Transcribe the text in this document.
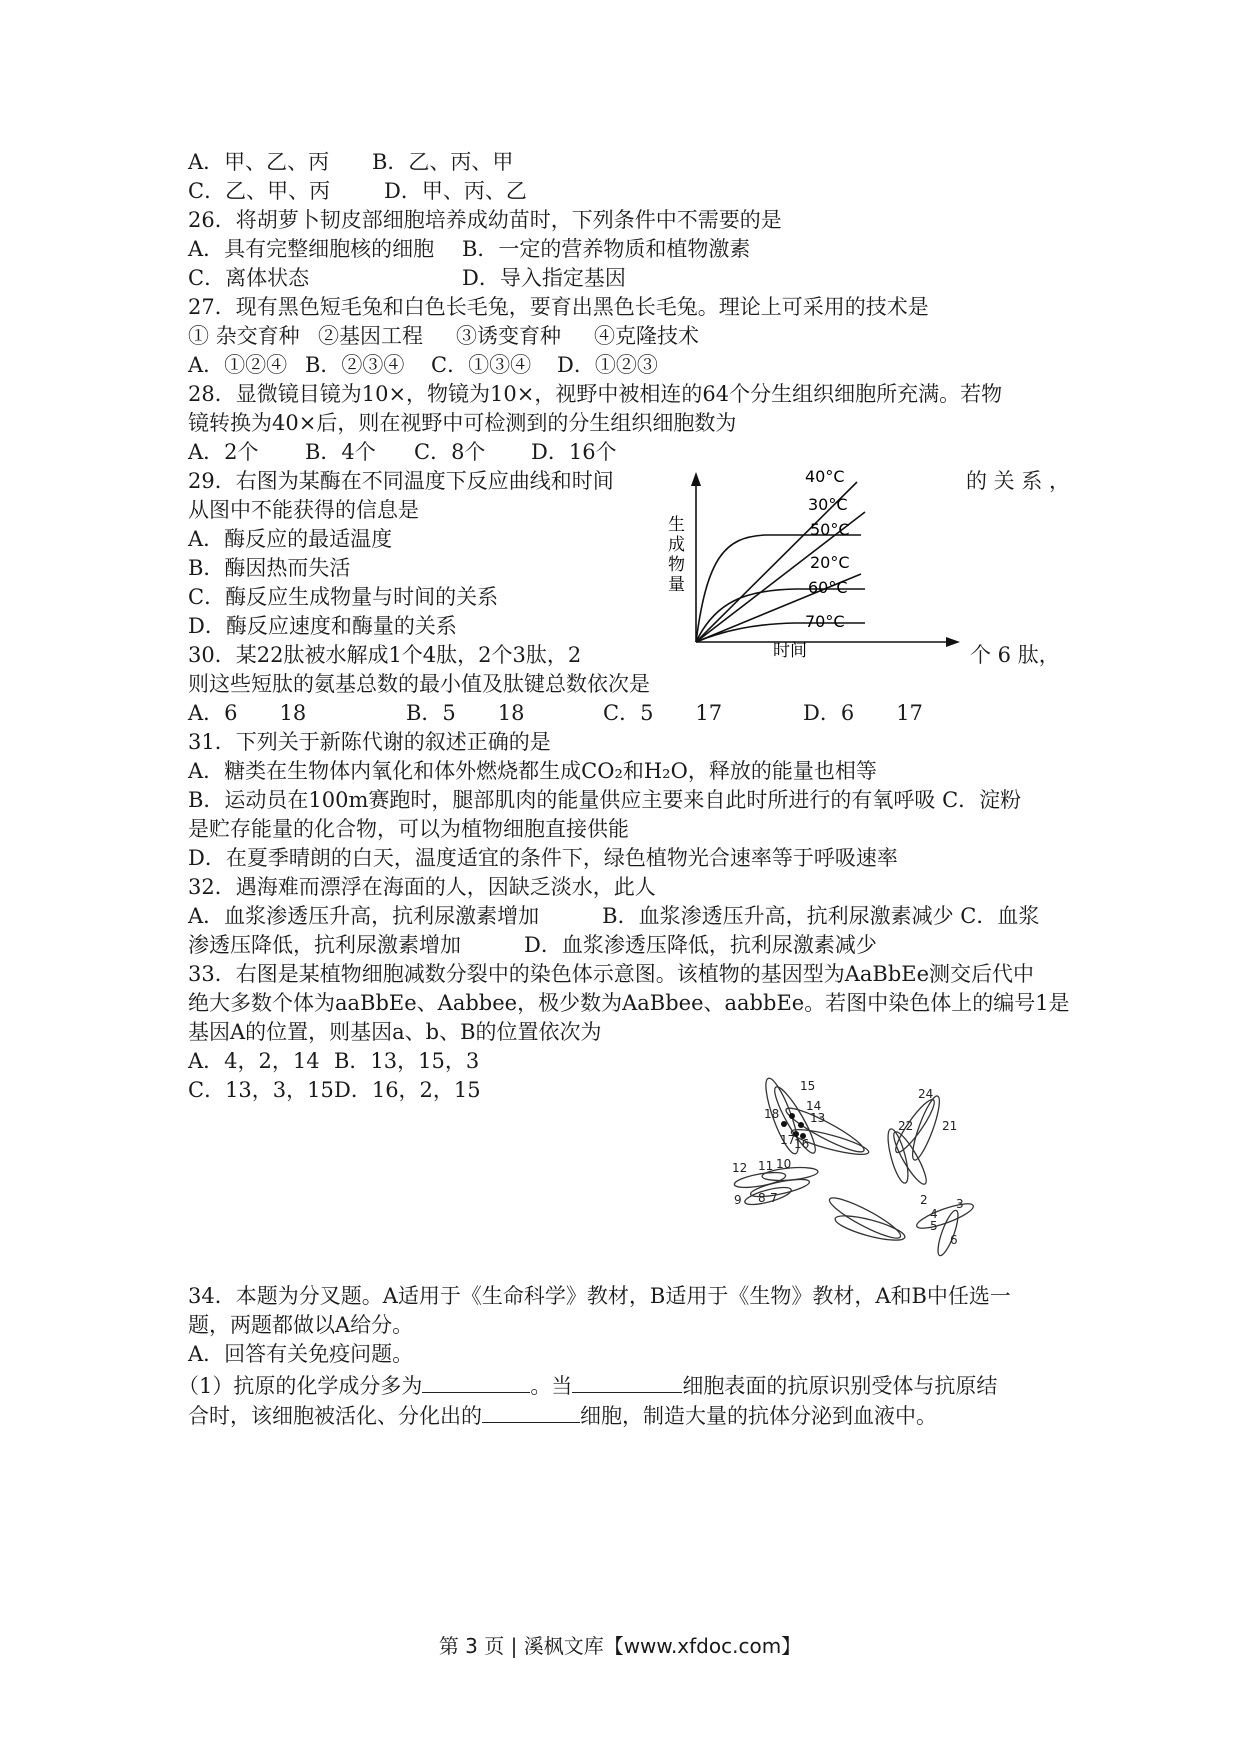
A．甲、乙、丙 B．乙、丙、甲
C．乙、甲、丙	D．甲、丙、乙
26．将胡萝卜韧皮部细胞培养成幼苗时，下列条件中不需要的是
A．具有完整细胞核的细胞 B．一定的营养物质和植物激素
C．离体状态	D．导入指定基因
27．现有黑色短毛兔和白色长毛兔，要育出黑色长毛兔。理论上可采用的技术是
① 杂交育种 ②基因工程 ③诱变育种 ④克隆技术
A．①②④ B．②③④ C．①③④ D．①②③
28．显微镜目镜为10×，物镜为10×，视野中被相连的64个分生组织细胞所充满。若物
镜转换为40×后，则在视野中可检测到的分生组织细胞数为
A．2个 B．4个 C．8个 D．16个
29．右图为某酶在不同温度下反应曲线和时间	的 关 系 ，
从图中不能获得的信息是
A．酶反应的最适温度
B．酶因热而失活
C．酶反应生成物量与时间的关系
D．酶反应速度和酶量的关系
生
成
物
量
时间
40°C
30°C
50°C
20°C
60°C
70°C
30．某22肽被水解成1个4肽，2个3肽，2	个 6 肽，
则这些短肽的氨基总数的最小值及肽键总数依次是
A．6　　18	B．5　　18	C．5　　17	D．6　　17
31．下列关于新陈代谢的叙述正确的是
A．糖类在生物体内氧化和体外燃烧都生成CO₂和H₂O，释放的能量也相等
B．运动员在100m赛跑时，腿部肌肉的能量供应主要来自此时所进行的有氧呼吸 C．淀粉
是贮存能量的化合物，可以为植物细胞直接供能
D．在夏季晴朗的白天，温度适宜的条件下，绿色植物光合速率等于呼吸速率
32．遇海难而漂浮在海面的人，因缺乏淡水，此人
A．血浆渗透压升高，抗利尿激素增加　　　B．血浆渗透压升高，抗利尿激素减少 C．血浆
渗透压降低，抗利尿激素增加　　　D．血浆渗透压降低，抗利尿激素减少
33．右图是某植物细胞减数分裂中的染色体示意图。该植物的基因型为AaBbEe测交后代中
绝大多数个体为aaBbEe、Aabbee，极少数为AaBbee、aabbEe。若图中染色体上的编号1是
基因A的位置，则基因a、b、B的位置依次为
A．4，2，14 B．13，15，3
C．13，3，15 D．16，2，15	15
18
14
13
17
16
24
22 21
12 11 10
9 8 7	2 3
4
5
6
34．本题为分叉题。A适用于《生命科学》教材，B适用于《生物》教材，A和B中任选一
题，两题都做以A给分。
A．回答有关免疫问题。
（1）抗原的化学成分多为	。当	细胞表面的抗原识别受体与抗原结
合时，该细胞被活化、分化出的	细胞，制造大量的抗体分泌到血液中。
第 3 页 | 溪枫文库【www.xfdoc.com】
